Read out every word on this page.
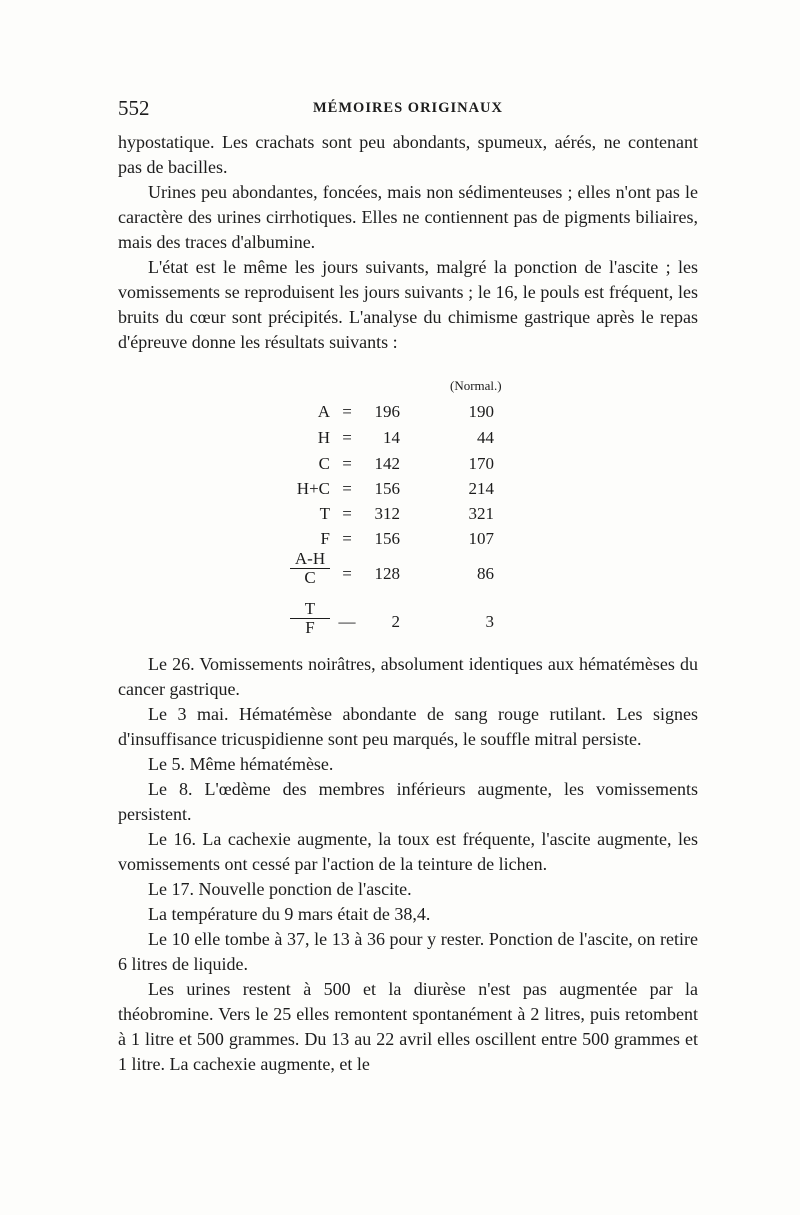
552	MÉMOIRES ORIGINAUX

hypostatique. Les crachats sont peu abondants, spumeux, aérés, ne contenant pas de bacilles.

Urines peu abondantes, foncées, mais non sédimenteuses ; elles n'ont pas le caractère des urines cirrhotiques. Elles ne contiennent pas de pigments biliaires, mais des traces d'albumine.

L'état est le même les jours suivants, malgré la ponction de l'ascite ; les vomissements se reproduisent les jours suivants ; le 16, le pouls est fréquent, les bruits du cœur sont précipités. L'analyse du chimisme gastrique après le repas d'épreuve donne les résultats suivants :

(Normal.)
A =	196	190
H =	14	44
C =	142	170
H+C =	156	214
T =	312	321
F =	156	107
$\frac{A-H}{C}$ =	128	86
$\frac{T}{F}$ —	2	3

Le 26. Vomissements noirâtres, absolument identiques aux hématémèses du cancer gastrique.

Le 3 mai. Hématémèse abondante de sang rouge rutilant. Les signes d'insuffisance tricuspidienne sont peu marqués, le souffle mitral persiste.

Le 5. Même hématémèse.

Le 8. L'œdème des membres inférieurs augmente, les vomissements persistent.

Le 16. La cachexie augmente, la toux est fréquente, l'ascite augmente, les vomissements ont cessé par l'action de la teinture de lichen.

Le 17. Nouvelle ponction de l'ascite.

La température du 9 mars était de 38,4.

Le 10 elle tombe à 37, le 13 à 36 pour y rester. Ponction de l'ascite, on retire 6 litres de liquide.

Les urines restent à 500 et la diurèse n'est pas augmentée par la théobromine. Vers le 25 elles remontent spontanément à 2 litres, puis retombent à 1 litre et 500 grammes. Du 13 au 22 avril elles oscillent entre 500 grammes et 1 litre. La cachexie augmente, et le
